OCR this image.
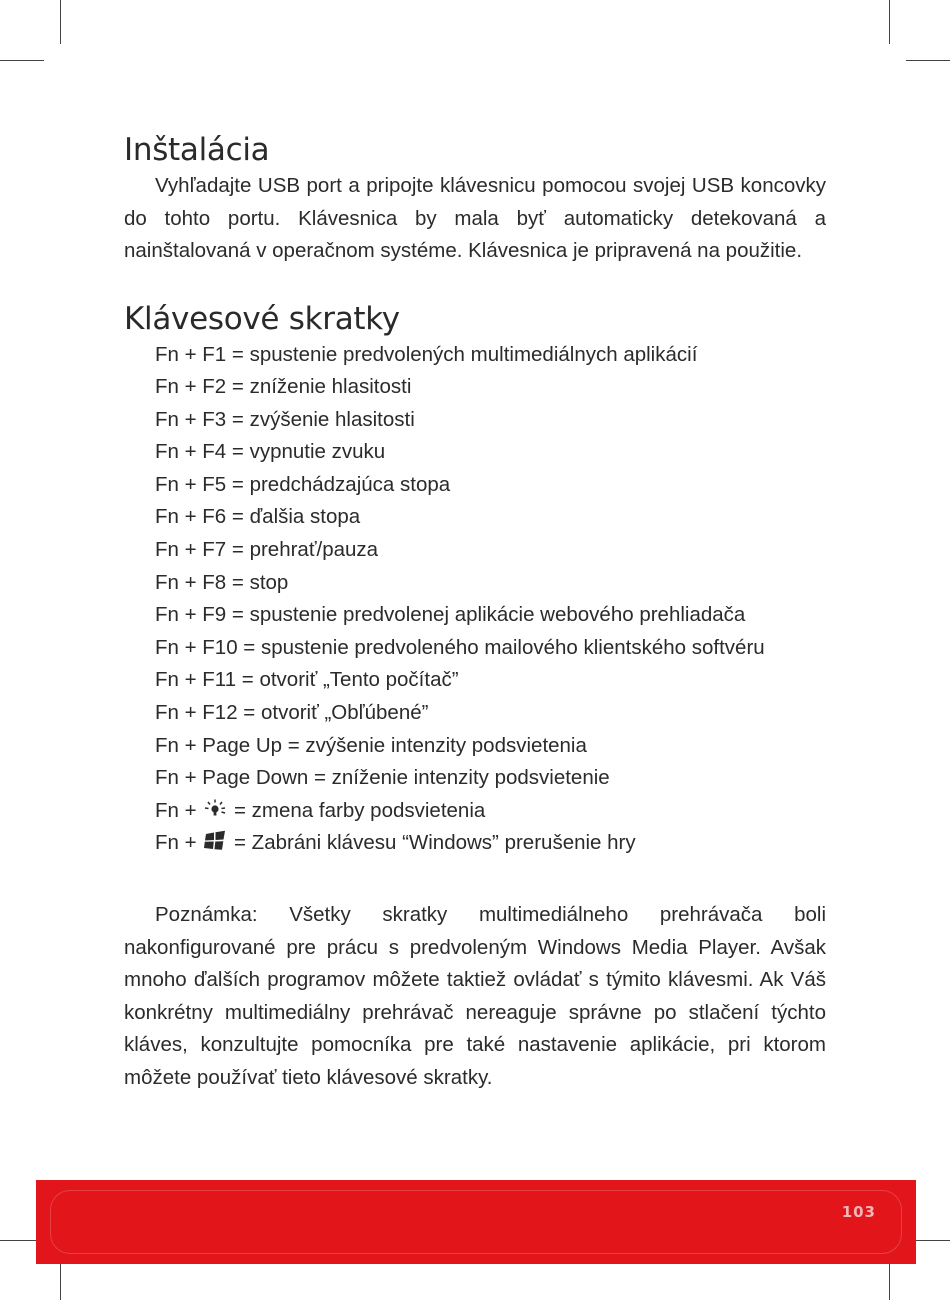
Inštalácia

Vyhľadajte USB port a pripojte klávesnicu pomocou svojej USB koncovky do tohto portu. Klávesnica by mala byť automaticky detekovaná a nainštalovaná v operačnom systéme. Klávesnica je pripravená na použitie.

Klávesové skratky
Fn + F1 = spustenie predvolených multimediálnych aplikácií
Fn + F2 = zníženie hlasitosti
Fn + F3 = zvýšenie hlasitosti
Fn + F4 = vypnutie zvuku
Fn + F5 = predchádzajúca stopa
Fn + F6 = ďalšia stopa
Fn + F7 = prehrať/pauza
Fn + F8 = stop
Fn + F9 = spustenie predvolenej aplikácie webového prehliadača
Fn + F10 = spustenie predvoleného mailového klientského softvéru
Fn + F11 = otvoriť „Tento počítač”
Fn + F12 = otvoriť „Obľúbené”
Fn + Page Up = zvýšenie intenzity podsvietenia
Fn + Page Down = zníženie intenzity podsvietenie
Fn + = zmena farby podsvietenia
Fn + = Zabráni klávesu “Windows” prerušenie hry

Poznámka: Všetky skratky multimediálneho prehrávača boli nakonfigurované pre prácu s predvoleným Windows Media Player. Avšak mnoho ďalších programov môžete taktiež ovládať s týmito klávesmi. Ak Váš konkrétny multimediálny prehrávač nereaguje správne po stlačení týchto kláves, konzultujte pomocníka pre také nastavenie aplikácie, pri ktorom môžete používať tieto klávesové skratky.

103
